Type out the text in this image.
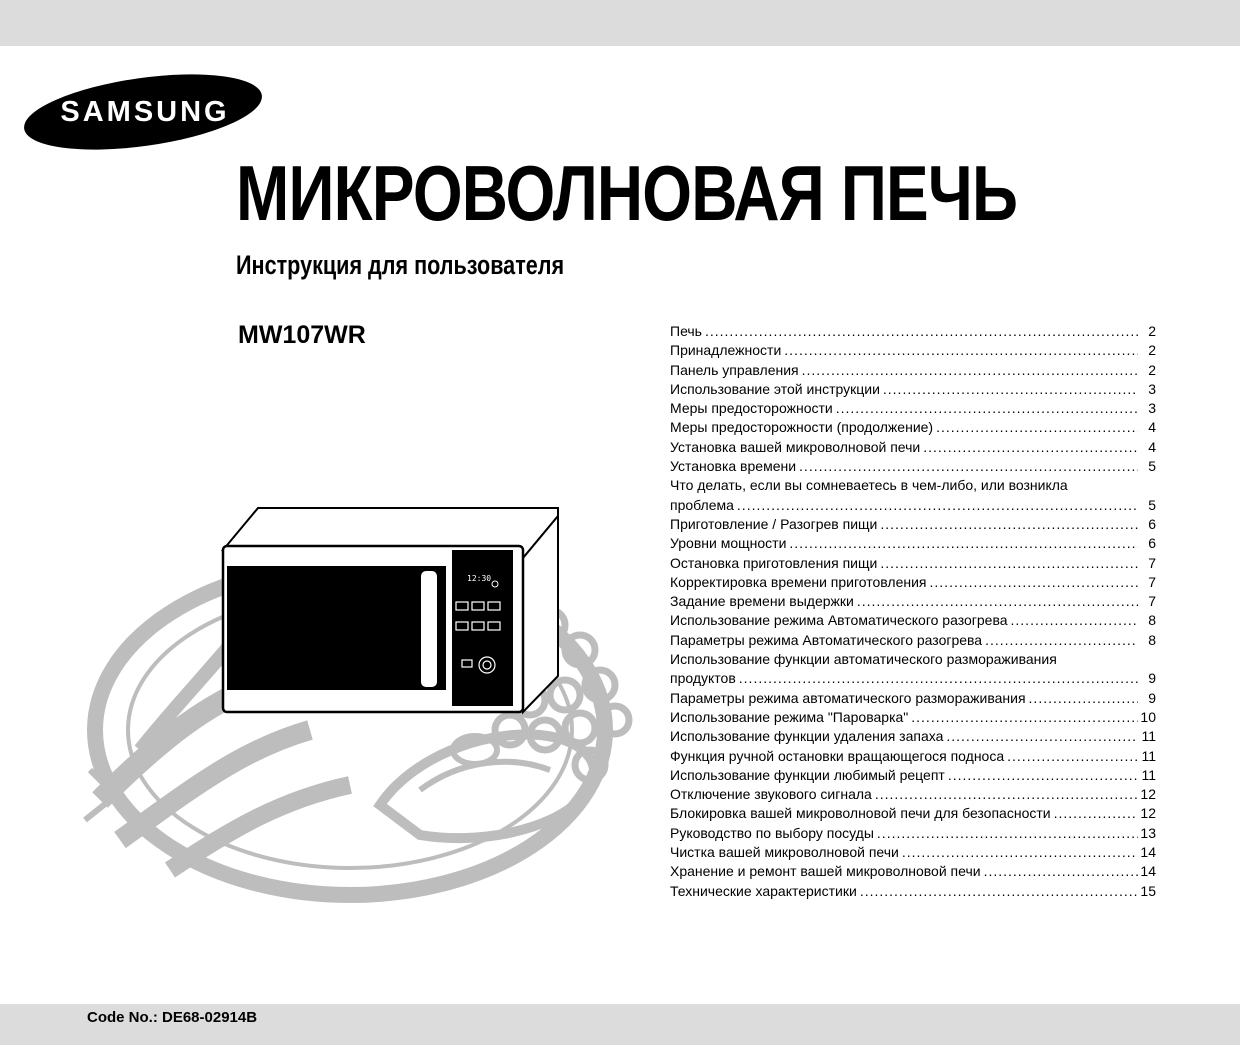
SAMSUNG
МИКРОВОЛНОВАЯ ПЕЧЬ
Инструкция для пользователя
MW107WR
12:30
Печь .....	2
Принадлежности .....	2
Панель управления .....	2
Использование этой инструкции .....	3
Меры предосторожности .....	3
Меры предосторожности (продолжение) .....	4
Установка вашей микроволновой печи .....	4
Установка времени .....	5
Что делать, если вы сомневаетесь в чем-либо, или возникла
проблема .....	5
Приготовление / Разогрев пищи .....	6
Уровни мощности .....	6
Остановка приготовления пищи .....	7
Корректировка времени приготовления .....	7
Задание времени выдержки .....	7
Использование режима Автоматического разогрева .....	8
Параметры режима Автоматического разогрева .....	8
Использование функции автоматического размораживания
продуктов .....	9
Параметры режима автоматического размораживания .....	9
Использование режима "Пароварка" .....	10
Использование функции удаления запаха .....	11
Функция ручной остановки вращающегося подноса .....	11
Использование функции любимый рецепт .....	11
Отключение звукового сигнала .....	12
Блокировка вашей микроволновой печи для безопасности .....	12
Руководство по выбору посуды .....	13
Чистка вашей микроволновой печи .....	14
Хранение и ремонт вашей микроволновой печи .....	14
Технические характеристики .....	15
Code No.: DE68-02914B
